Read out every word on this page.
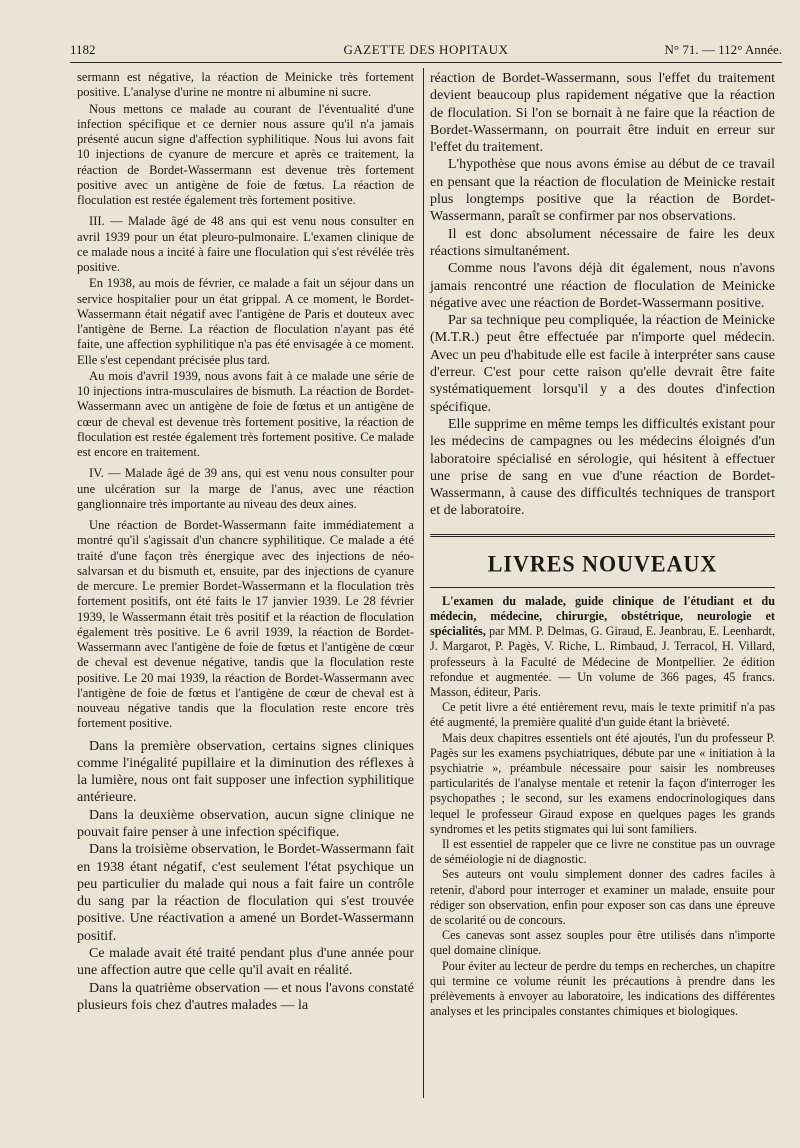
1182	GAZETTE DES HOPITAUX	N° 71. — 112° Année.

sermann est négative, la réaction de Meinicke très fortement positive. L'analyse d'urine ne montre ni albumine ni sucre.

Nous mettons ce malade au courant de l'éventualité d'une infection spécifique et ce dernier nous assure qu'il n'a jamais présenté aucun signe d'affection syphilitique. Nous lui avons fait 10 injections de cyanure de mercure et après ce traitement, la réaction de Bordet-Wassermann est devenue très fortement positive avec un antigène de foie de fœtus. La réaction de floculation est restée également très fortement positive.

III. — Malade âgé de 48 ans qui est venu nous consulter en avril 1939 pour un état pleuro-pulmonaire. L'examen clinique de ce malade nous a incité à faire une floculation qui s'est révélée très positive.

En 1938, au mois de février, ce malade a fait un séjour dans un service hospitalier pour un état grippal. A ce moment, le Bordet-Wassermann était négatif avec l'antigène de Paris et douteux avec l'antigène de Berne. La réaction de floculation n'ayant pas été faite, une affection syphilitique n'a pas été envisagée à ce moment. Elle s'est cependant précisée plus tard.

Au mois d'avril 1939, nous avons fait à ce malade une série de 10 injections intra-musculaires de bismuth. La réaction de Bordet-Wassermann avec un antigène de foie de fœtus et un antigène de cœur de cheval est devenue très fortement positive, la réaction de floculation est restée également très fortement positive. Ce malade est encore en traitement.

IV. — Malade âgé de 39 ans, qui est venu nous consulter pour une ulcération sur la marge de l'anus, avec une réaction ganglionnaire très importante au niveau des deux aines.

Une réaction de Bordet-Wassermann faite immédiatement a montré qu'il s'agissait d'un chancre syphilitique. Ce malade a été traité d'une façon très énergique avec des injections de néo-salvarsan et du bismuth et, ensuite, par des injections de cyanure de mercure. Le premier Bordet-Wassermann et la floculation très fortement positifs, ont été faits le 17 janvier 1939. Le 28 février 1939, le Wassermann était très positif et la réaction de floculation également très positive. Le 6 avril 1939, la réaction de Bordet-Wassermann avec l'antigène de foie de fœtus et l'antigène de cœur de cheval est devenue négative, tandis que la floculation reste positive. Le 20 mai 1939, la réaction de Bordet-Wassermann avec l'antigène de foie de fœtus et l'antigène de cœur de cheval est à nouveau négative tandis que la floculation reste encore très fortement positive.

Dans la première observation, certains signes cliniques comme l'inégalité pupillaire et la diminution des réflexes à la lumière, nous ont fait supposer une infection syphilitique antérieure.

Dans la deuxième observation, aucun signe clinique ne pouvait faire penser à une infection spécifique.

Dans la troisième observation, le Bordet-Wassermann fait en 1938 étant négatif, c'est seulement l'état psychique un peu particulier du malade qui nous a fait faire un contrôle du sang par la réaction de floculation qui s'est trouvée positive. Une réactivation a amené un Bordet-Wassermann positif.

Ce malade avait été traité pendant plus d'une année pour une affection autre que celle qu'il avait en réalité.

Dans la quatrième observation — et nous l'avons constaté plusieurs fois chez d'autres malades — la

réaction de Bordet-Wassermann, sous l'effet du traitement devient beaucoup plus rapidement négative que la réaction de floculation. Si l'on se bornait à ne faire que la réaction de Bordet-Wassermann, on pourrait être induit en erreur sur l'effet du traitement.

L'hypothèse que nous avons émise au début de ce travail en pensant que la réaction de floculation de Meinicke restait plus longtemps positive que la réaction de Bordet-Wassermann, paraît se confirmer par nos observations.

Il est donc absolument nécessaire de faire les deux réactions simultanément.

Comme nous l'avons déjà dit également, nous n'avons jamais rencontré une réaction de floculation de Meinicke négative avec une réaction de Bordet-Wassermann positive.

Par sa technique peu compliquée, la réaction de Meinicke (M.T.R.) peut être effectuée par n'importe quel médecin. Avec un peu d'habitude elle est facile à interpréter sans cause d'erreur. C'est pour cette raison qu'elle devrait être faite systématiquement lorsqu'il y a des doutes d'infection spécifique.

Elle supprime en même temps les difficultés existant pour les médecins de campagnes ou les médecins éloignés d'un laboratoire spécialisé en sérologie, qui hésitent à effectuer une prise de sang en vue d'une réaction de Bordet-Wassermann, à cause des difficultés techniques de transport et de laboratoire.

LIVRES NOUVEAUX

L'examen du malade, guide clinique de l'étudiant et du médecin, médecine, chirurgie, obstétrique, neurologie et spécialités, par MM. P. Delmas, G. Giraud, E. Jeanbrau, E. Leenhardt, J. Margarot, P. Pagès, V. Riche, L. Rimbaud, J. Terracol, H. Villard, professeurs à la Faculté de Médecine de Montpellier. 2e édition refondue et augmentée. — Un volume de 366 pages, 45 francs. Masson, éditeur, Paris.

Ce petit livre a été entièrement revu, mais le texte primitif n'a pas été augmenté, la première qualité d'un guide étant la brièveté.

Mais deux chapitres essentiels ont été ajoutés, l'un du professeur P. Pagès sur les examens psychiatriques, débute par une « initiation à la psychiatrie », préambule nécessaire pour saisir les nombreuses particularités de l'analyse mentale et retenir la façon d'interroger les psychopathes ; le second, sur les examens endocrinologiques dans lequel le professeur Giraud expose en quelques pages les grands syndromes et les petits stigmates qui lui sont familiers.

Il est essentiel de rappeler que ce livre ne constitue pas un ouvrage de séméiologie ni de diagnostic.

Ses auteurs ont voulu simplement donner des cadres faciles à retenir, d'abord pour interroger et examiner un malade, ensuite pour rédiger son observation, enfin pour exposer son cas dans une épreuve de scolarité ou de concours.

Ces canevas sont assez souples pour être utilisés dans n'importe quel domaine clinique.

Pour éviter au lecteur de perdre du temps en recherches, un chapitre qui termine ce volume réunit les précautions à prendre dans les prélèvements à envoyer au laboratoire, les indications des différentes analyses et les principales constantes chimiques et biologiques.
